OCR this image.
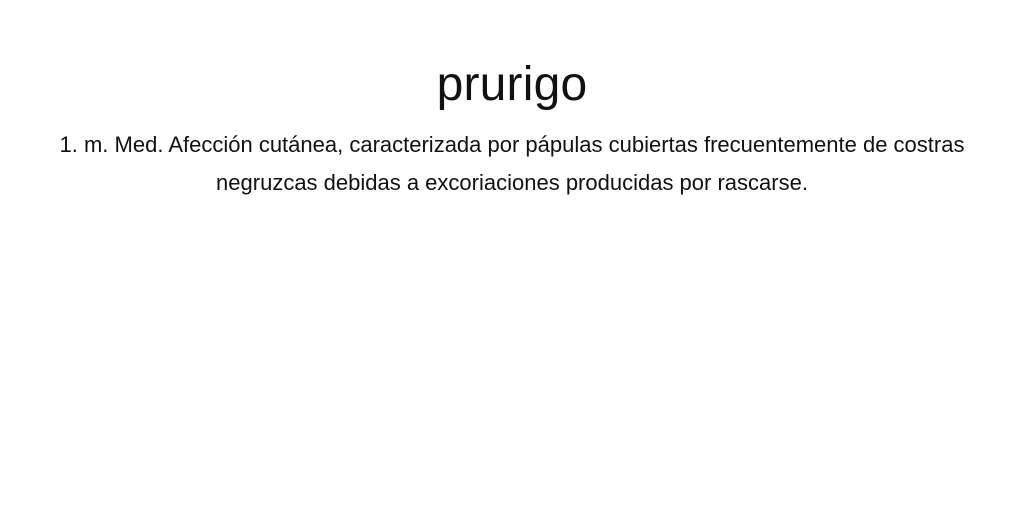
prurigo

1. m. Med. Afección cutánea, caracterizada por pápulas cubiertas frecuentemente de costras negruzcas debidas a excoriaciones producidas por rascarse.
